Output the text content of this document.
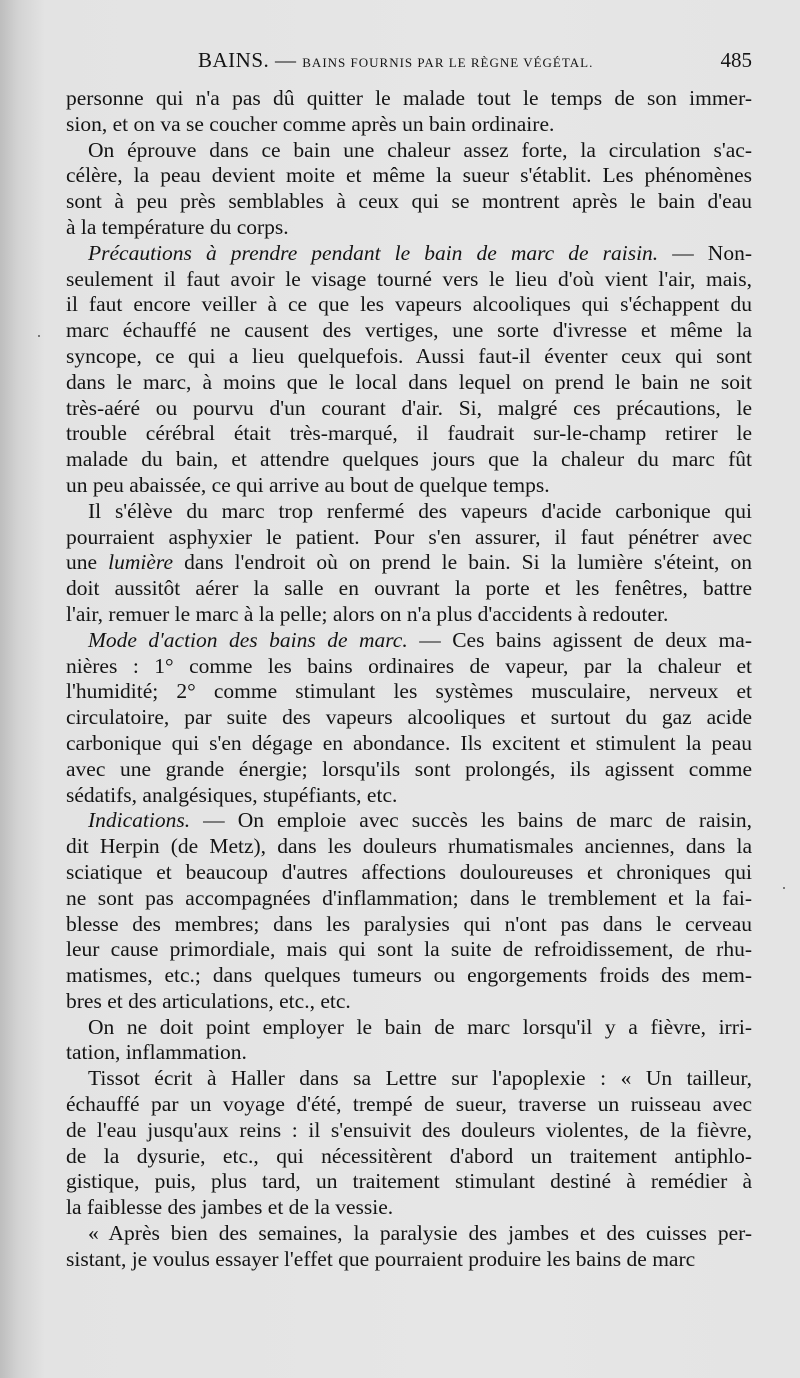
BAINS. — BAINS FOURNIS PAR LE RÈGNE VÉGÉTAL.	485
personne qui n'a pas dû quitter le malade tout le temps de son immer-
sion, et on va se coucher comme après un bain ordinaire.
On éprouve dans ce bain une chaleur assez forte, la circulation s'ac-
célère, la peau devient moite et même la sueur s'établit. Les phénomènes
sont à peu près semblables à ceux qui se montrent après le bain d'eau
à la température du corps.
Précautions à prendre pendant le bain de marc de raisin. — Non-
seulement il faut avoir le visage tourné vers le lieu d'où vient l'air, mais,
il faut encore veiller à ce que les vapeurs alcooliques qui s'échappent du
marc échauffé ne causent des vertiges, une sorte d'ivresse et même la
syncope, ce qui a lieu quelquefois. Aussi faut-il éventer ceux qui sont
dans le marc, à moins que le local dans lequel on prend le bain ne soit
très-aéré ou pourvu d'un courant d'air. Si, malgré ces précautions, le
trouble cérébral était très-marqué, il faudrait sur-le-champ retirer le
malade du bain, et attendre quelques jours que la chaleur du marc fût
un peu abaissée, ce qui arrive au bout de quelque temps.
Il s'élève du marc trop renfermé des vapeurs d'acide carbonique qui
pourraient asphyxier le patient. Pour s'en assurer, il faut pénétrer avec
une lumière dans l'endroit où on prend le bain. Si la lumière s'éteint, on
doit aussitôt aérer la salle en ouvrant la porte et les fenêtres, battre
l'air, remuer le marc à la pelle; alors on n'a plus d'accidents à redouter.
Mode d'action des bains de marc. — Ces bains agissent de deux ma-
nières : 1° comme les bains ordinaires de vapeur, par la chaleur et
l'humidité; 2° comme stimulant les systèmes musculaire, nerveux et
circulatoire, par suite des vapeurs alcooliques et surtout du gaz acide
carbonique qui s'en dégage en abondance. Ils excitent et stimulent la peau
avec une grande énergie; lorsqu'ils sont prolongés, ils agissent comme
sédatifs, analgésiques, stupéfiants, etc.
Indications. — On emploie avec succès les bains de marc de raisin,
dit Herpin (de Metz), dans les douleurs rhumatismales anciennes, dans la
sciatique et beaucoup d'autres affections douloureuses et chroniques qui
ne sont pas accompagnées d'inflammation; dans le tremblement et la fai-
blesse des membres; dans les paralysies qui n'ont pas dans le cerveau
leur cause primordiale, mais qui sont la suite de refroidissement, de rhu-
matismes, etc.; dans quelques tumeurs ou engorgements froids des mem-
bres et des articulations, etc., etc.
On ne doit point employer le bain de marc lorsqu'il y a fièvre, irri-
tation, inflammation.
Tissot écrit à Haller dans sa Lettre sur l'apoplexie : « Un tailleur,
échauffé par un voyage d'été, trempé de sueur, traverse un ruisseau avec
de l'eau jusqu'aux reins : il s'ensuivit des douleurs violentes, de la fièvre,
de la dysurie, etc., qui nécessitèrent d'abord un traitement antiphlo-
gistique, puis, plus tard, un traitement stimulant destiné à remédier à
la faiblesse des jambes et de la vessie.
« Après bien des semaines, la paralysie des jambes et des cuisses per-
sistant, je voulus essayer l'effet que pourraient produire les bains de marc
